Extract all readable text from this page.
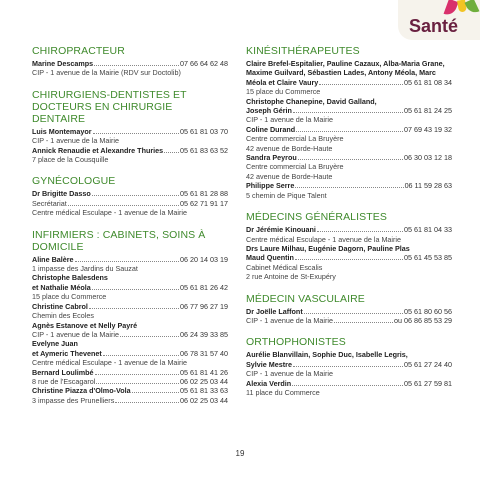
Santé
CHIROPRACTEUR
Marine Descamps	07 66 64 62 48
CIP - 1 avenue de la Mairie (RDV sur Doctolib)
CHIRURGIENS-DENTISTES ET DOCTEURS EN CHIRURGIE DENTAIRE
Luis Montemayor	05 61 81 03 70
CIP - 1 avenue de la Mairie
Annick Renaudie et Alexandre Thuries 05 61 83 63 52
7 place de la Cousquille
GYNÉCOLOGUE
Dr Brigitte Dasso	05 61 81 28 88
Secrétariat	05 62 71 91 17
Centre médical Esculape - 1 avenue de la Mairie
INFIRMIERS : CABINETS, SOINS À DOMICILE
Aline Balère	06 20 14 03 19
1 impasse des Jardins du Sauzat
Christophe Balesdens
et Nathalie Méola	05 61 81 26 42
15 place du Commerce
Christine Cabrol	06 77 96 27 19
Chemin des Ecoles
Agnès Estanove et Nelly Payré
CIP - 1 avenue de la Mairie	06 24 39 33 85
Evelyne Juan
et Aymeric Thevenet	06 78 31 57 40
Centre médical Esculape - 1 avenue de la Mairie
Bernard Loulimbé	05 61 81 41 26
8 rue de l'Escagarol	06 02 25 03 44
Christine Piazza d'Olmo-Vola	05 61 81 33 63
3 impasse des Prunelliers	06 02 25 03 44
KINÉSITHÉRAPEUTES
Claire Brefel-Espitalier, Pauline Cazaux, Alba-Maria Grane, Maxime Guilvard, Sébastien Lades, Antony Méola, Marc
Méola et Claire Vaury	05 61 81 08 34
15 place du Commerce
Christophe Chanepine, David Galland,
Joseph Gérin	05 61 81 24 25
CIP - 1 avenue de la Mairie
Coline Durand	07 69 43 19 32
Centre commercial La Bruyère
42 avenue de Borde-Haute
Sandra Peyrou	06 30 03 12 18
Centre commercial La Bruyère
42 avenue de Borde-Haute
Philippe Serre	06 11 59 28 63
5 chemin de Pique Talent
MÉDECINS GÉNÉRALISTES
Dr Jérémie Kinouani	05 61 81 04 33
Centre médical Esculape - 1 avenue de la Mairie
Drs Laure Milhau, Eugénie Dagorn, Pauline Plas
Maud Quentin	05 61 45 53 85
Cabinet Médical Escalis
2 rue Antoine de St-Exupéry
MÉDECIN VASCULAIRE
Dr Joëlle Laffont	05 61 80 60 56
CIP - 1 avenue de la Mairie	ou 06 86 85 53 29
ORTHOPHONISTES
Aurélie Blanvillain, Sophie Duc, Isabelle Legris,
Sylvie Mestre	05 61 27 24 40
CIP - 1 avenue de la Mairie
Alexia Verdin	05 61 27 59 81
11 place du Commerce
19
